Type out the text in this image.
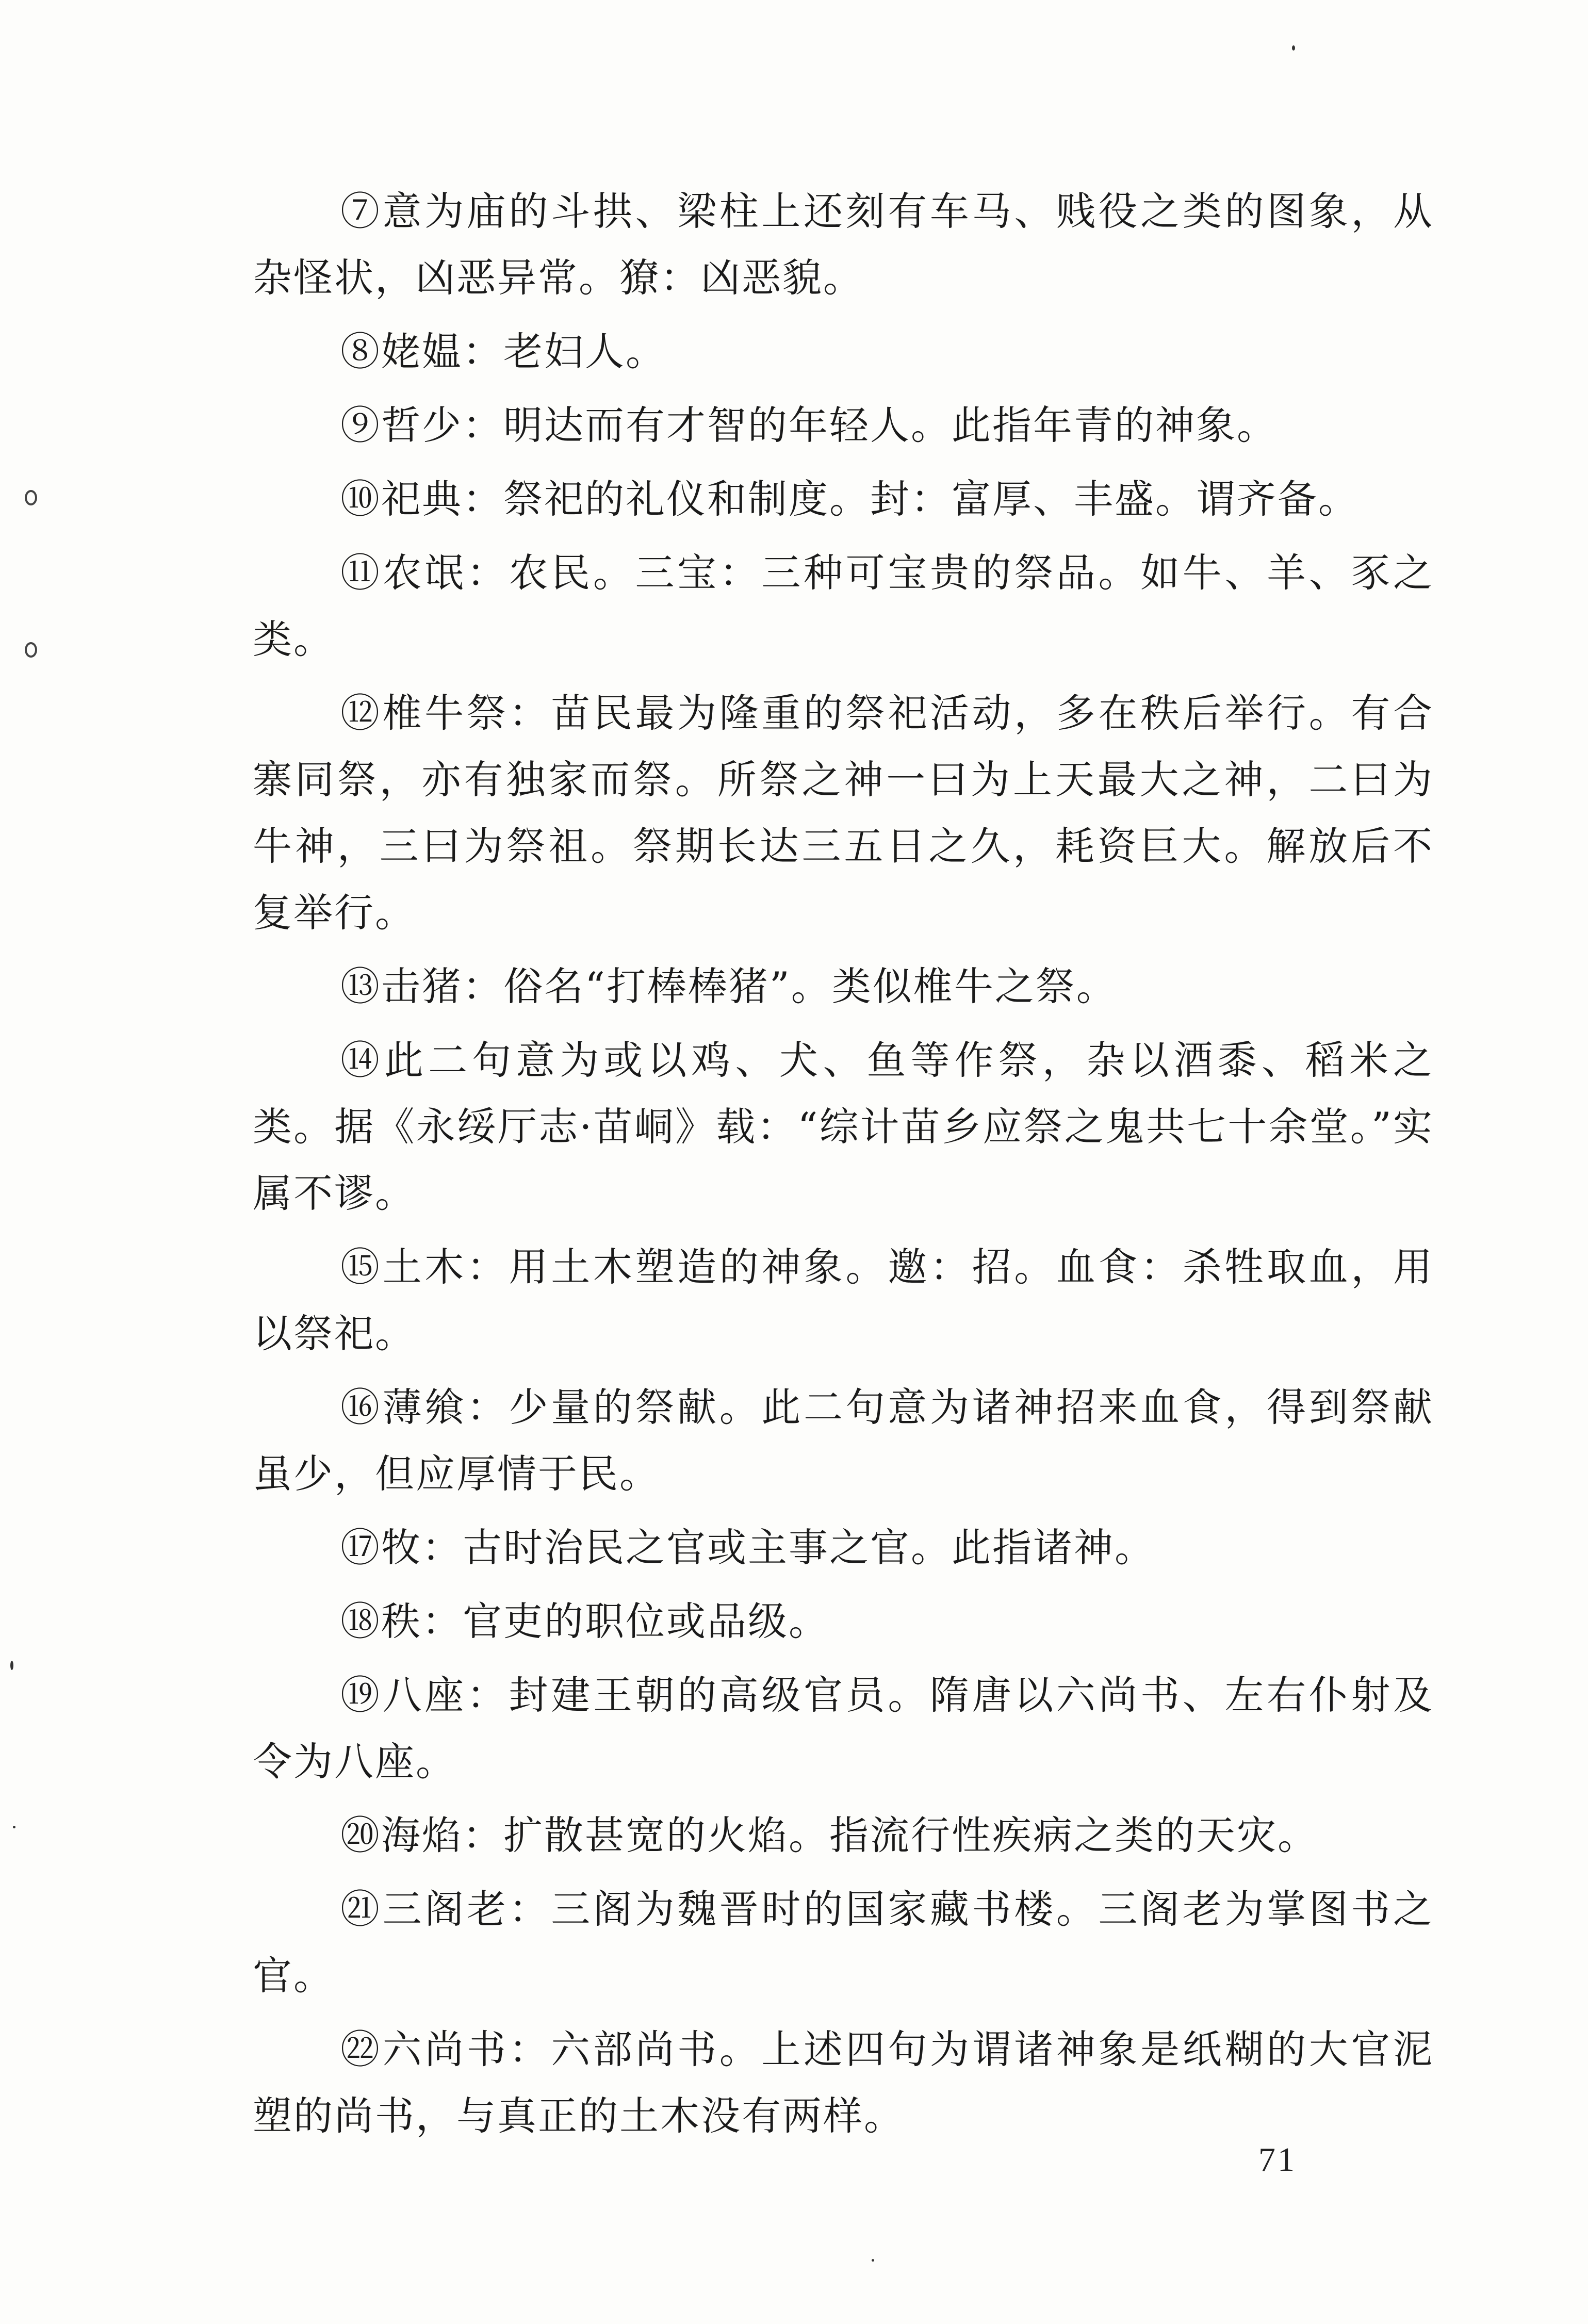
⑦意为庙的斗拱、梁柱上还刻有车马、贱役之类的图象，从杂怪状，凶恶异常。獠：凶恶貌。

⑧姥媪：老妇人。

⑨哲少：明达而有才智的年轻人。此指年青的神象。

⑩祀典：祭祀的礼仪和制度。封：富厚、丰盛。谓齐备。

⑪农氓：农民。三宝：三种可宝贵的祭品。如牛、羊、豕之类。

⑫椎牛祭：苗民最为隆重的祭祀活动，多在秩后举行。有合寨同祭，亦有独家而祭。所祭之神一曰为上天最大之神，二曰为牛神，三曰为祭祖。祭期长达三五日之久，耗资巨大。解放后不复举行。

⑬击猪：俗名“打棒棒猪”。类似椎牛之祭。

⑭此二句意为或以鸡、犬、鱼等作祭，杂以酒黍、稻米之类。据《永绥厅志·苗峒》载：“综计苗乡应祭之鬼共七十余堂。”实属不谬。

⑮土木：用土木塑造的神象。邀：招。血食：杀牲取血，用以祭祀。

⑯薄飨：少量的祭献。此二句意为诸神招来血食，得到祭献虽少，但应厚情于民。

⑰牧：古时治民之官或主事之官。此指诸神。

⑱秩：官吏的职位或品级。

⑲八座：封建王朝的高级官员。隋唐以六尚书、左右仆射及令为八座。

⑳海焰：扩散甚宽的火焰。指流行性疾病之类的天灾。

㉑三阁老：三阁为魏晋时的国家藏书楼。三阁老为掌图书之官。

㉒六尚书：六部尚书。上述四句为谓诸神象是纸糊的大官泥塑的尚书，与真正的土木没有两样。

71
